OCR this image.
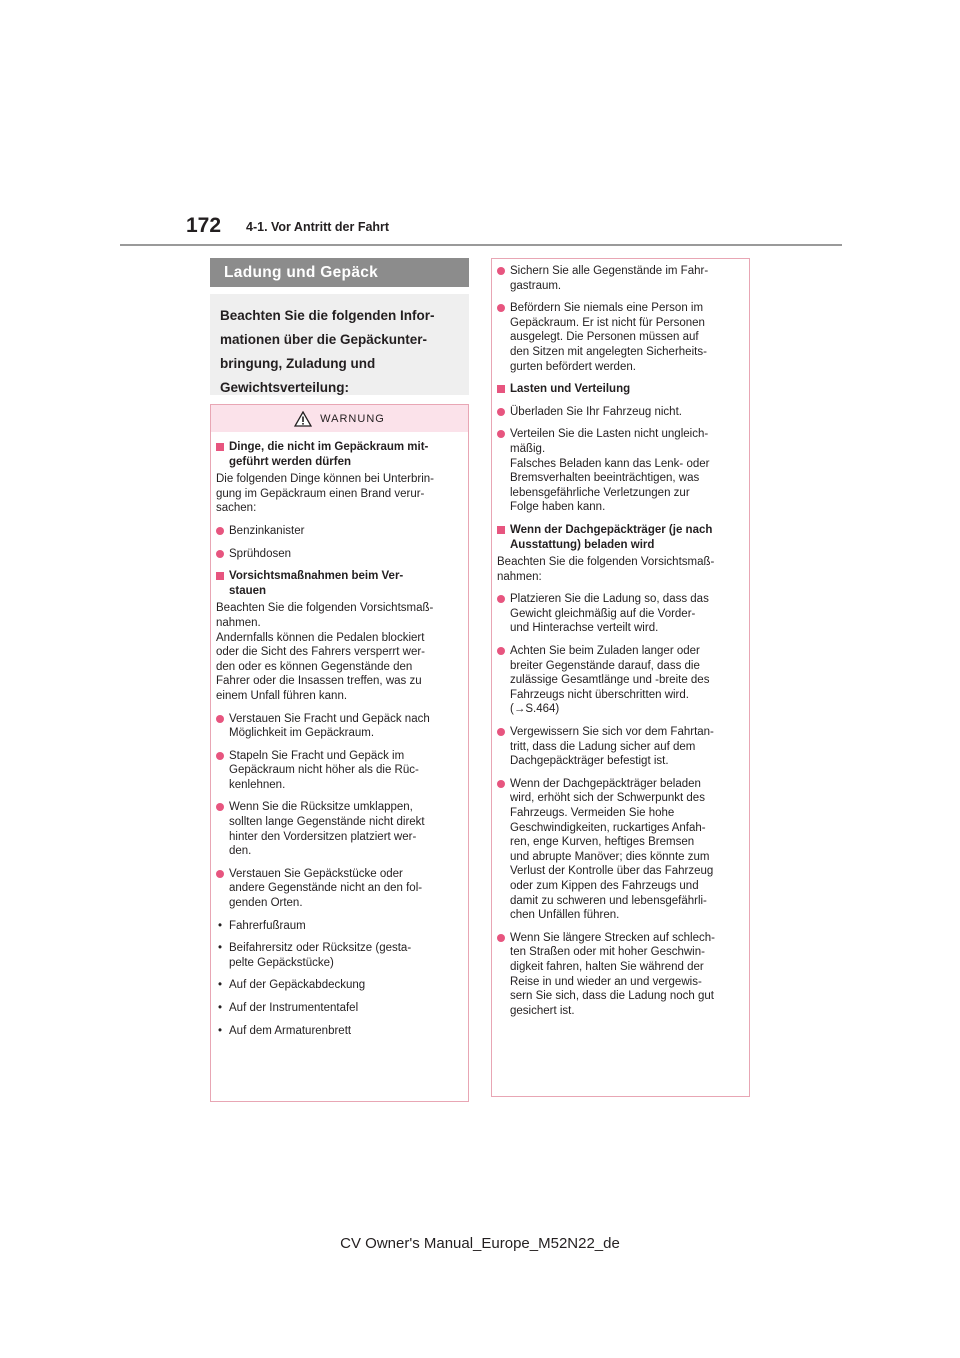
172 4-1. Vor Antritt der Fahrt
Ladung und Gepäck
Beachten Sie die folgenden Infor-
mationen über die Gepäckunter-
bringung, Zuladung und
Gewichtsverteilung:
WARNUNG
Dinge, die nicht im Gepäckraum mit-
geführt werden dürfen
Die folgenden Dinge können bei Unterbrin-
gung im Gepäckraum einen Brand verur-
sachen:
Benzinkanister
Sprühdosen
Vorsichtsmaßnahmen beim Ver-
stauen
Beachten Sie die folgenden Vorsichtsmaß-
nahmen.
Andernfalls können die Pedalen blockiert
oder die Sicht des Fahrers versperrt wer-
den oder es können Gegenstände den
Fahrer oder die Insassen treffen, was zu
einem Unfall führen kann.
Verstauen Sie Fracht und Gepäck nach
Möglichkeit im Gepäckraum.
Stapeln Sie Fracht und Gepäck im
Gepäckraum nicht höher als die Rüc-
kenlehnen.
Wenn Sie die Rücksitze umklappen,
sollten lange Gegenstände nicht direkt
hinter den Vordersitzen platziert wer-
den.
Verstauen Sie Gepäckstücke oder
andere Gegenstände nicht an den fol-
genden Orten.
• Fahrerfußraum
• Beifahrersitz oder Rücksitze (gesta-
pelte Gepäckstücke)
• Auf der Gepäckabdeckung
• Auf der Instrumententafel
• Auf dem Armaturenbrett
Sichern Sie alle Gegenstände im Fahr-
gastraum.
Befördern Sie niemals eine Person im
Gepäckraum. Er ist nicht für Personen
ausgelegt. Die Personen müssen auf
den Sitzen mit angelegten Sicherheits-
gurten befördert werden.
Lasten und Verteilung
Überladen Sie Ihr Fahrzeug nicht.
Verteilen Sie die Lasten nicht ungleich-
mäßig.
Falsches Beladen kann das Lenk- oder
Bremsverhalten beeinträchtigen, was
lebensgefährliche Verletzungen zur
Folge haben kann.
Wenn der Dachgepäckträger (je nach
Ausstattung) beladen wird
Beachten Sie die folgenden Vorsichtsmaß-
nahmen:
Platzieren Sie die Ladung so, dass das
Gewicht gleichmäßig auf die Vorder-
und Hinterachse verteilt wird.
Achten Sie beim Zuladen langer oder
breiter Gegenstände darauf, dass die
zulässige Gesamtlänge und -breite des
Fahrzeugs nicht überschritten wird.
(→S.464)
Vergewissern Sie sich vor dem Fahrtan-
tritt, dass die Ladung sicher auf dem
Dachgepäckträger befestigt ist.
Wenn der Dachgepäckträger beladen
wird, erhöht sich der Schwerpunkt des
Fahrzeugs. Vermeiden Sie hohe
Geschwindigkeiten, ruckartiges Anfah-
ren, enge Kurven, heftiges Bremsen
und abrupte Manöver; dies könnte zum
Verlust der Kontrolle über das Fahrzeug
oder zum Kippen des Fahrzeugs und
damit zu schweren und lebensgefährli-
chen Unfällen führen.
Wenn Sie längere Strecken auf schlech-
ten Straßen oder mit hoher Geschwin-
digkeit fahren, halten Sie während der
Reise in und wieder an und vergewis-
sern Sie sich, dass die Ladung noch gut
gesichert ist.
CV Owner's Manual_Europe_M52N22_de
